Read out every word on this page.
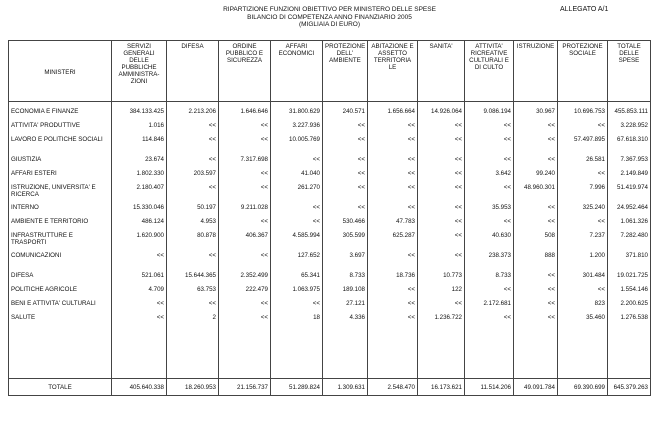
ALLEGATO A/1
RIPARTIZIONE FUNZIONI OBIETTIVO PER MINISTERO DELLE SPESE
BILANCIO DI COMPETENZA ANNO FINANZIARIO 2005
(MIGLIAIA DI EURO)
MINISTERI	SERVIZI GENERALI DELLE PUBBLICHE AMMINISTRA-ZIONI	DIFESA	ORDINE PUBBLICO E SICUREZZA	AFFARI ECONOMICI	PROTEZIONE DELL' AMBIENTE	ABITAZIONE E ASSETTO TERRITORIA LE	SANITA'	ATTIVITA' RICREATIVE CULTURALI E DI CULTO	ISTRUZIONE	PROTEZIONE SOCIALE	TOTALE DELLE SPESE

ECONOMIA E FINANZE	384.133.425	2.213.206	1.646.646	31.800.629	240.571	1.656.664	14.926.064	9.086.194	30.967	10.696.753	455.853.111
ATTIVITA' PRODUTTIVE	1.016	<<	<<	3.227.936	<<	<<	<<	<<	<<	<<	3.228.952
LAVORO E POLITICHE SOCIALI	114.846	<<	<<	10.005.769	<<	<<	<<	<<	<<	57.497.895	67.618.310
GIUSTIZIA	23.674	<<	7.317.698	<<	<<	<<	<<	<<	<<	26.581	7.367.953
AFFARI ESTERI	1.802.330	203.597	<<	41.040	<<	<<	<<	3.642	99.240	<<	2.149.849
ISTRUZIONE, UNIVERSITA' E RICERCA	2.180.407	<<	<<	261.270	<<	<<	<<	<<	48.960.301	7.996	51.419.974
INTERNO	15.330.046	50.197	9.211.028	<<	<<	<<	<<	35.953	<<	325.240	24.952.464
AMBIENTE E TERRITORIO	486.124	4.953	<<	<<	530.466	47.783	<<	<<	<<	<<	1.061.326
INFRASTRUTTURE E TRASPORTI	1.620.900	80.878	406.367	4.585.994	305.599	625.287	<<	40.630	508	7.237	7.282.480
COMUNICAZIONI	<<	<<	<<	127.652	3.697	<<	<<	238.373	888	1.200	371.810
DIFESA	521.061	15.644.365	2.352.499	65.341	8.733	18.736	10.773	8.733	<<	301.484	19.021.725
POLITICHE AGRICOLE	4.709	63.753	222.479	1.063.975	189.108	<<	122	<<	<<	<<	1.554.146
BENI E ATTIVITA' CULTURALI	<<	<<	<<	<<	27.121	<<	<<	2.172.681	<<	823	2.200.625
SALUTE	<<	2	<<	18	4.336	<<	1.236.722	<<	<<	35.460	1.276.538

TOTALE	405.640.338	18.260.953	21.156.737	51.289.824	1.309.631	2.548.470	16.173.621	11.514.206	49.091.784	69.390.699	645.379.263
